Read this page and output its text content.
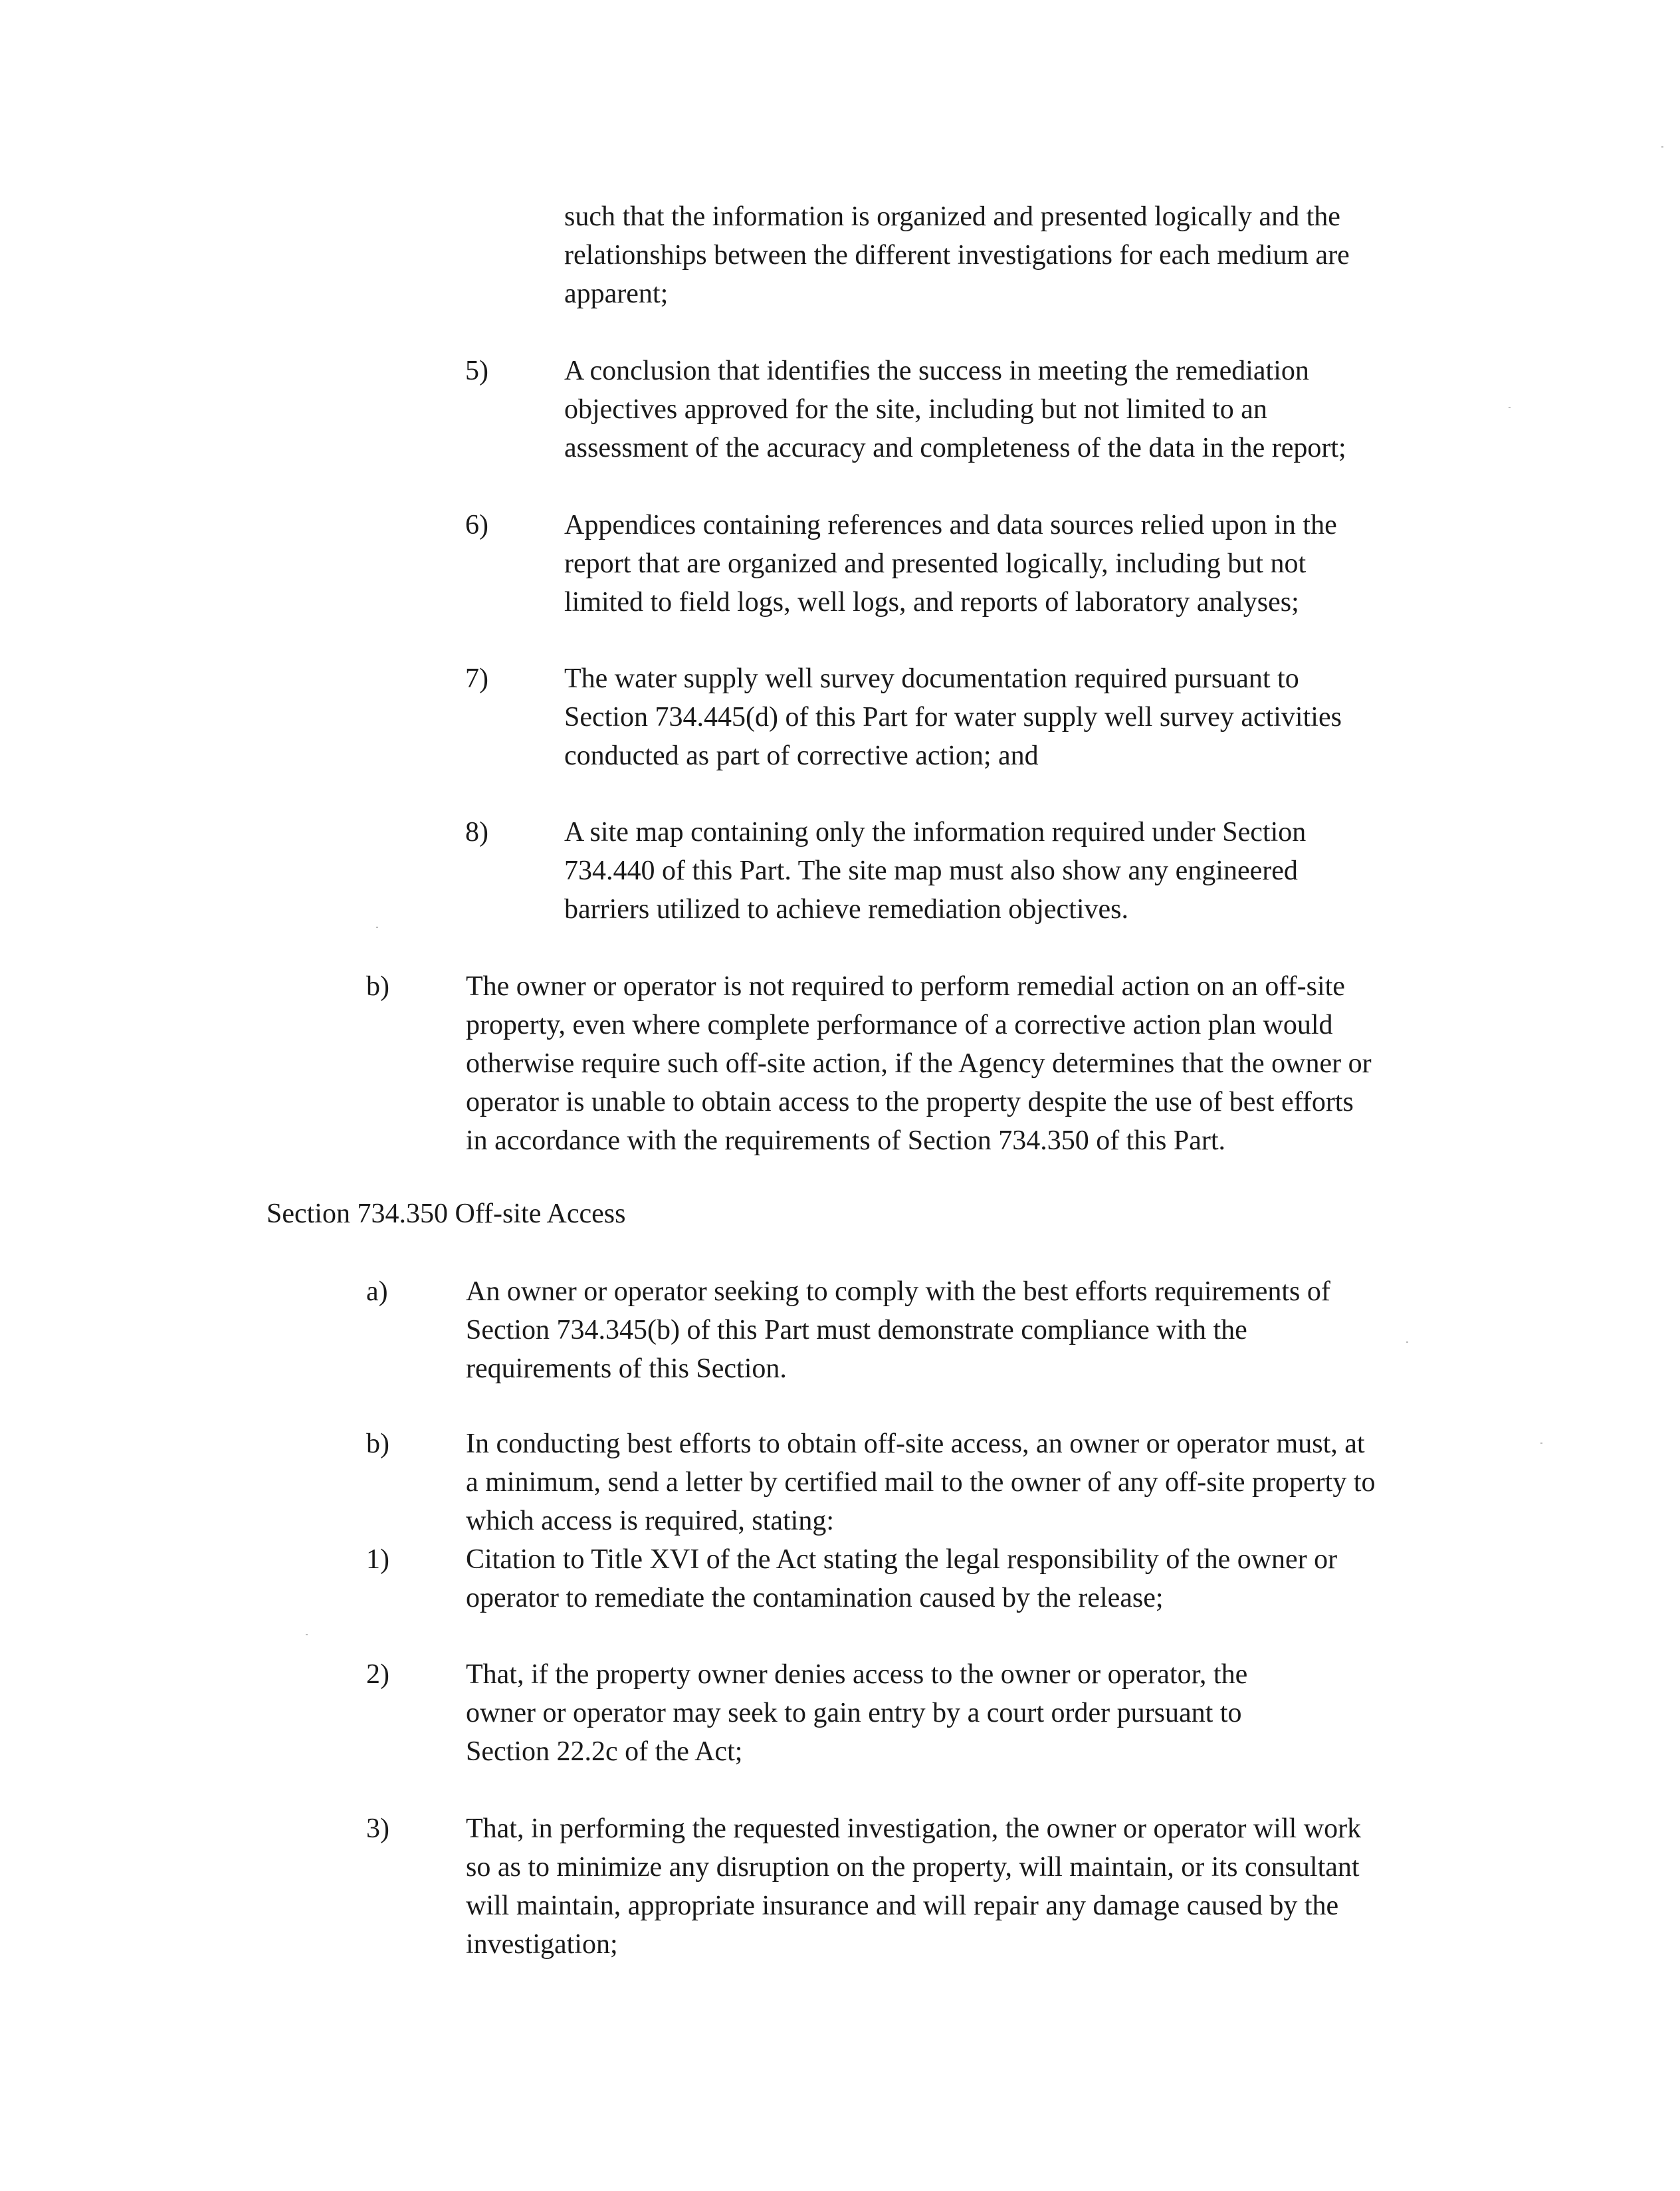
such that the information is organized and presented logically and the
relationships between the different investigations for each medium are
apparent;
5)	A conclusion that identifies the success in meeting the remediation
objectives approved for the site, including but not limited to an
assessment of the accuracy and completeness of the data in the report;
6)	Appendices containing references and data sources relied upon in the
report that are organized and presented logically, including but not
limited to field logs, well logs, and reports of laboratory analyses;
7)	The water supply well survey documentation required pursuant to
Section 734.445(d) of this Part for water supply well survey activities
conducted as part of corrective action; and
8)	A site map containing only the information required under Section
734.440 of this Part. The site map must also show any engineered
barriers utilized to achieve remediation objectives.
b)	The owner or operator is not required to perform remedial action on an off-site
property, even where complete performance of a corrective action plan would
otherwise require such off-site action, if the Agency determines that the owner or
operator is unable to obtain access to the property despite the use of best efforts
in accordance with the requirements of Section 734.350 of this Part.
Section 734.350 Off-site Access
a)	An owner or operator seeking to comply with the best efforts requirements of
Section 734.345(b) of this Part must demonstrate compliance with the
requirements of this Section.
b)	In conducting best efforts to obtain off-site access, an owner or operator must, at
a minimum, send a letter by certified mail to the owner of any off-site property to
which access is required, stating:
1)	Citation to Title XVI of the Act stating the legal responsibility of the owner or
operator to remediate the contamination caused by the release;
2)	That, if the property owner denies access to the owner or operator, the
owner or operator may seek to gain entry by a court order pursuant to
Section 22.2c of the Act;
3)	That, in performing the requested investigation, the owner or operator will work
so as to minimize any disruption on the property, will maintain, or its consultant
will maintain, appropriate insurance and will repair any damage caused by the
investigation;
